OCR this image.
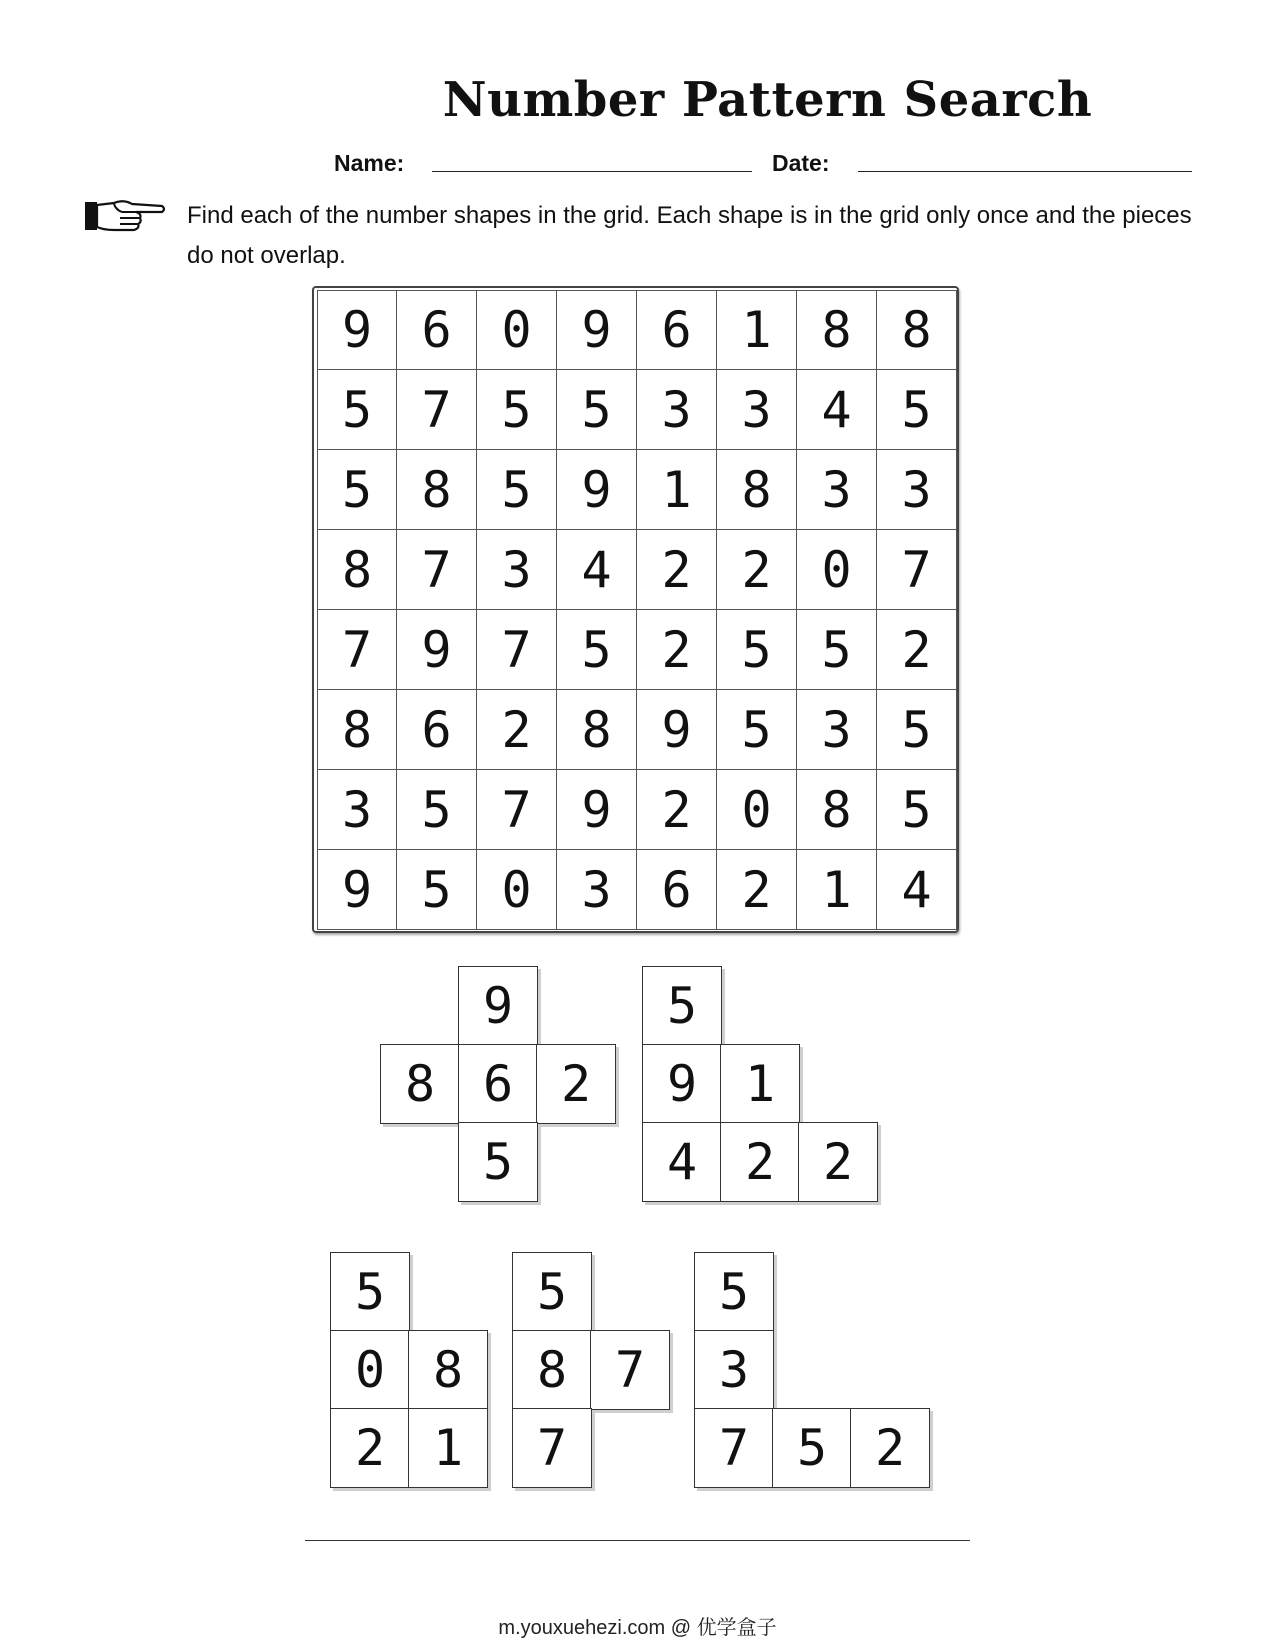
Number Pattern Search
Name:	Date:
Find each of the number shapes in the grid. Each shape is in the grid only once and the pieces do not overlap.
9 6 0 9 6 1 8 8
5 7 5 5 3 3 4 5
5 8 5 9 1 8 3 3
8 7 3 4 2 2 0 7
7 9 7 5 2 5 5 2
8 6 2 8 9 5 3 5
3 5 7 9 2 0 8 5
9 5 0 3 6 2 1 4
9
8 6 2
5
5
9 1
4 2 2
5
0 8
2 1
5
8 7
7
5
3
7 5 2
m.youxuehezi.com @ 优学盒子
